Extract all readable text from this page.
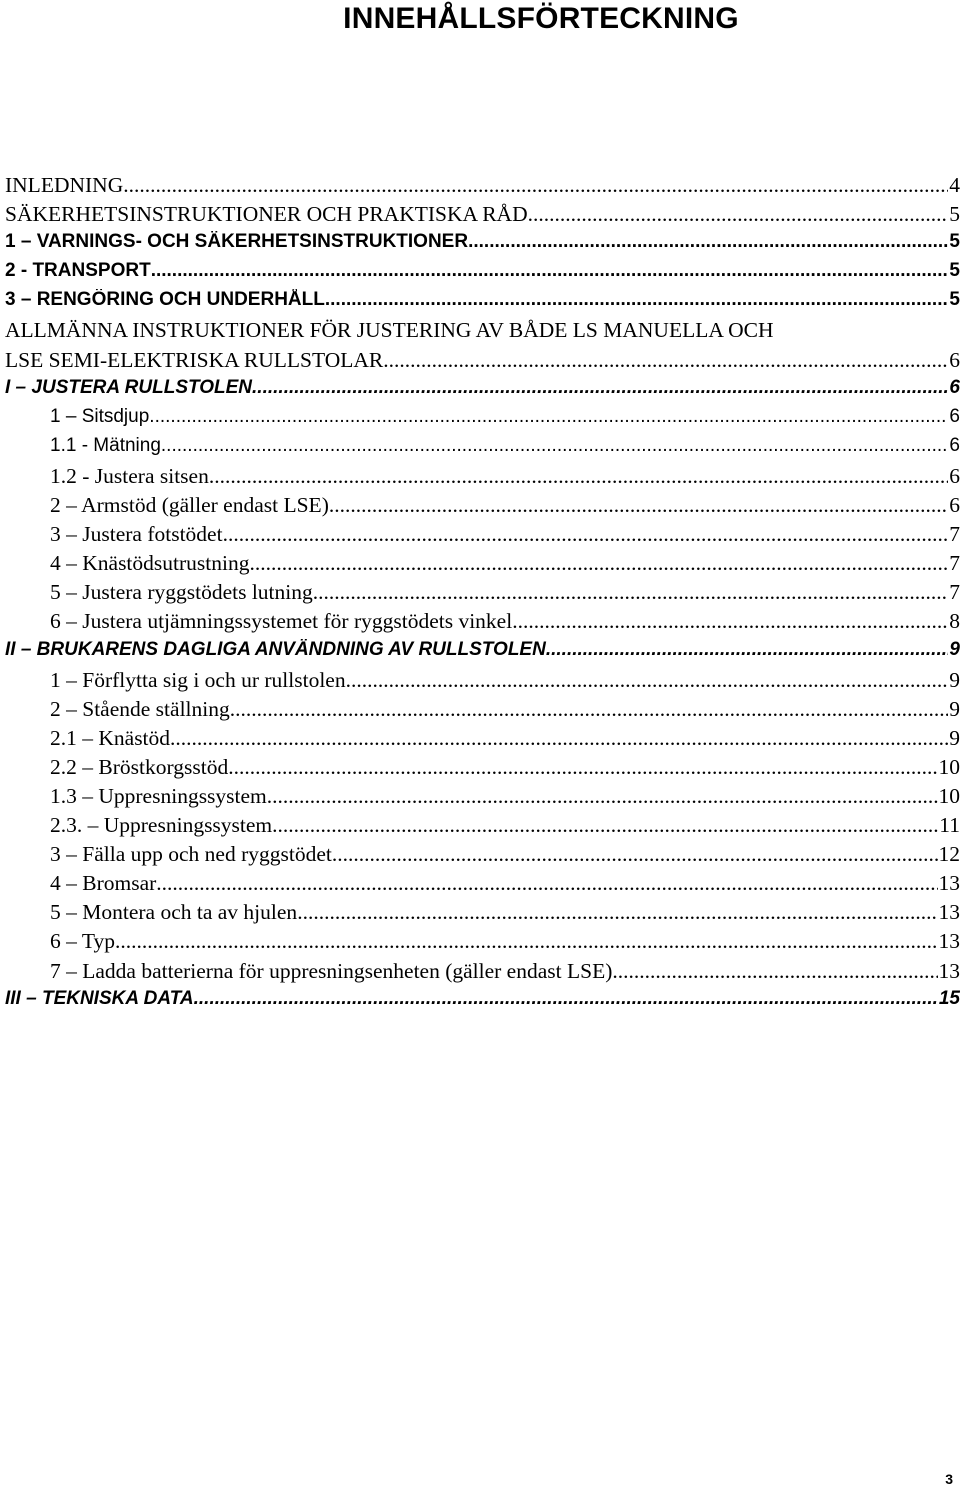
INNEHÅLLSFÖRTECKNING
INLEDNING .....	4
SÄKERHETSINSTRUKTIONER OCH PRAKTISKA RÅD .....	5
1 – VARNINGS- OCH SÄKERHETSINSTRUKTIONER .....	5
2 - TRANSPORT .....	5
3 – RENGÖRING OCH UNDERHÅLL .....	5
ALLMÄNNA INSTRUKTIONER FÖR JUSTERING AV BÅDE LS MANUELLA OCH
LSE SEMI-ELEKTRISKA RULLSTOLAR .....	6
I – JUSTERA RULLSTOLEN .....	6
1 – Sitsdjup .....	6
1.1 - Mätning .....	6
1.2 - Justera sitsen .....	6
2 – Armstöd (gäller endast LSE) .....	6
3 – Justera fotstödet .....	7
4 – Knästödsutrustning .....	7
5 – Justera ryggstödets lutning .....	7
6 – Justera utjämningssystemet för ryggstödets vinkel .....	8
II – BRUKARENS DAGLIGA ANVÄNDNING AV RULLSTOLEN .....	9
1 – Förflytta sig i och ur rullstolen .....	9
2 – Stående ställning .....	9
2.1 – Knästöd .....	9
2.2 – Bröstkorgsstöd .....	10
1.3 – Uppresningssystem .....	10
2.3. – Uppresningssystem .....	11
3 – Fälla upp och ned ryggstödet .....	12
4 – Bromsar .....	13
5 – Montera och ta av hjulen .....	13
6 – Typ .....	13
7 – Ladda batterierna för uppresningsenheten (gäller endast LSE). .....	13
III – TEKNISKA DATA .....	15
3
